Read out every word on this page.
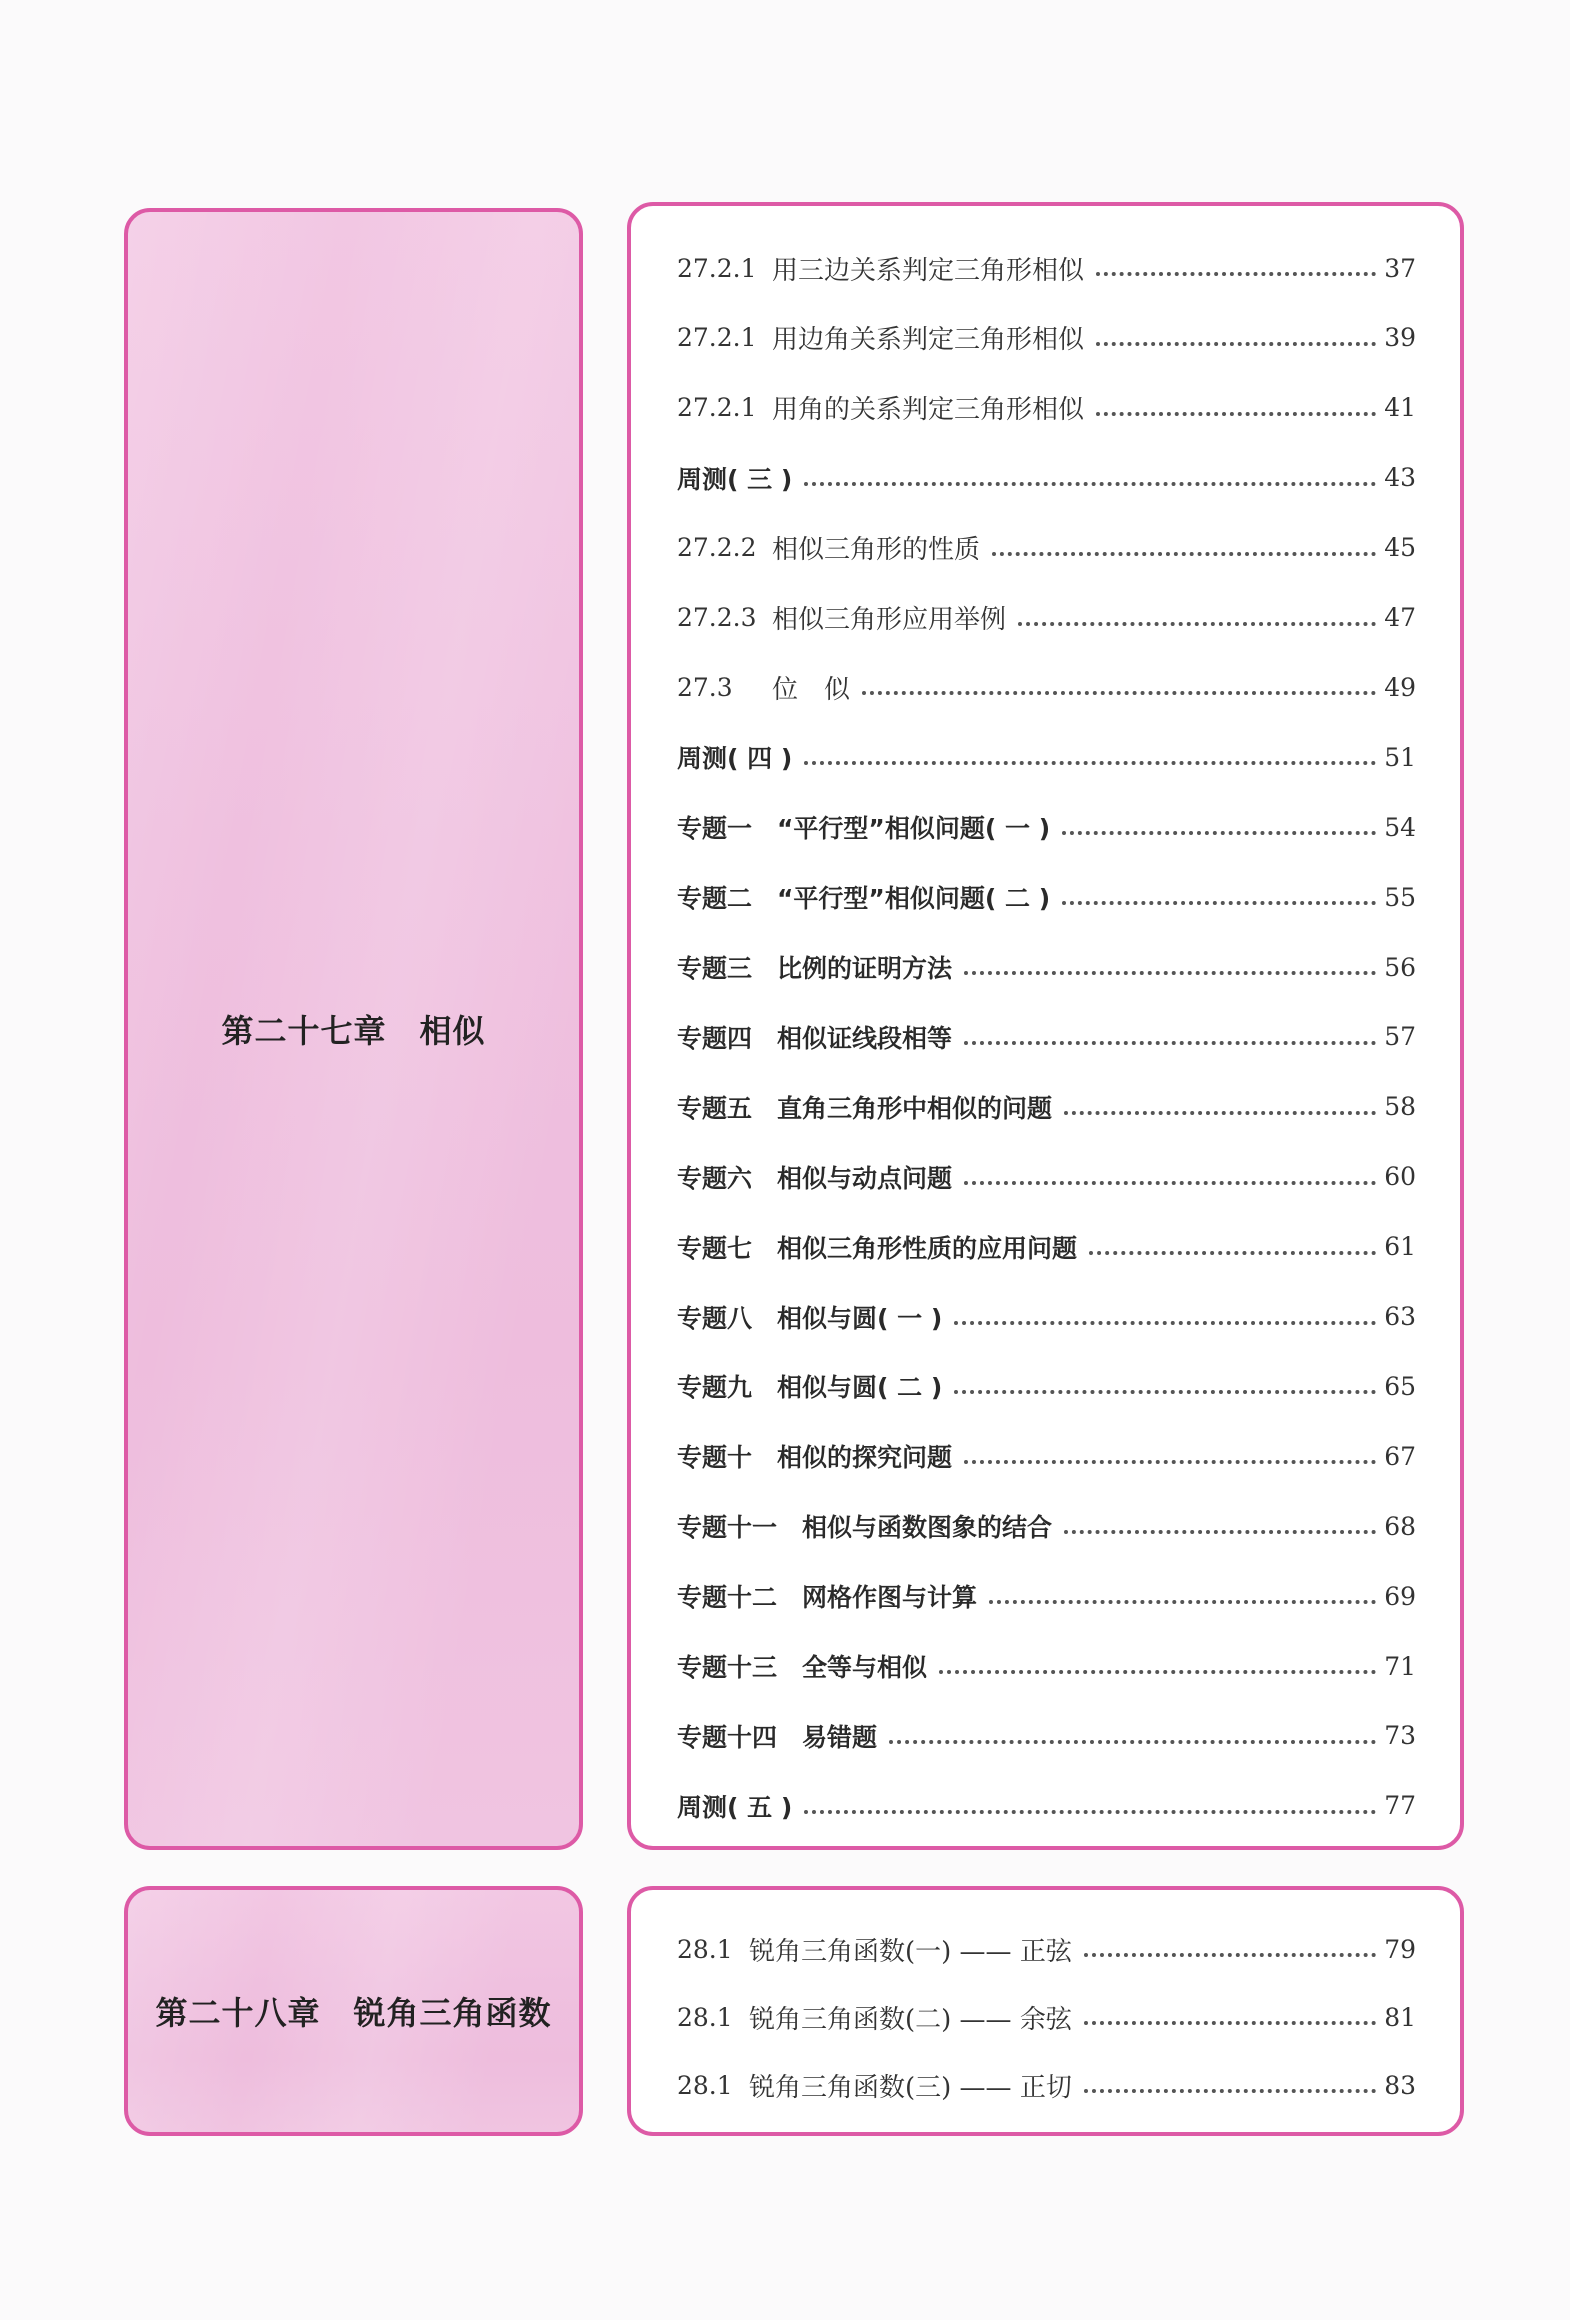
第二十七章　相似
27.2.1 用三边关系判定三角形相似	37
27.2.1 用边角关系判定三角形相似	39
27.2.1 用角的关系判定三角形相似	41
周测( 三 )	43
27.2.2 相似三角形的性质	45
27.2.3 相似三角形应用举例	47
27.3	位　似	49
周测( 四 )	51
专题一　“平行型”相似问题( 一 )	54
专题二　“平行型”相似问题( 二 )	55
专题三　比例的证明方法	56
专题四　相似证线段相等	57
专题五　直角三角形中相似的问题	58
专题六　相似与动点问题	60
专题七　相似三角形性质的应用问题	61
专题八　相似与圆( 一 )	63
专题九　相似与圆( 二 )	65
专题十　相似的探究问题	67
专题十一　相似与函数图象的结合	68
专题十二　网格作图与计算	69
专题十三　全等与相似	71
专题十四　易错题	73
周测( 五 )	77
第二十八章　锐角三角函数
28.1 锐角三角函数(一) —— 正弦	79
28.1 锐角三角函数(二) —— 余弦	81
28.1 锐角三角函数(三) —— 正切	83
